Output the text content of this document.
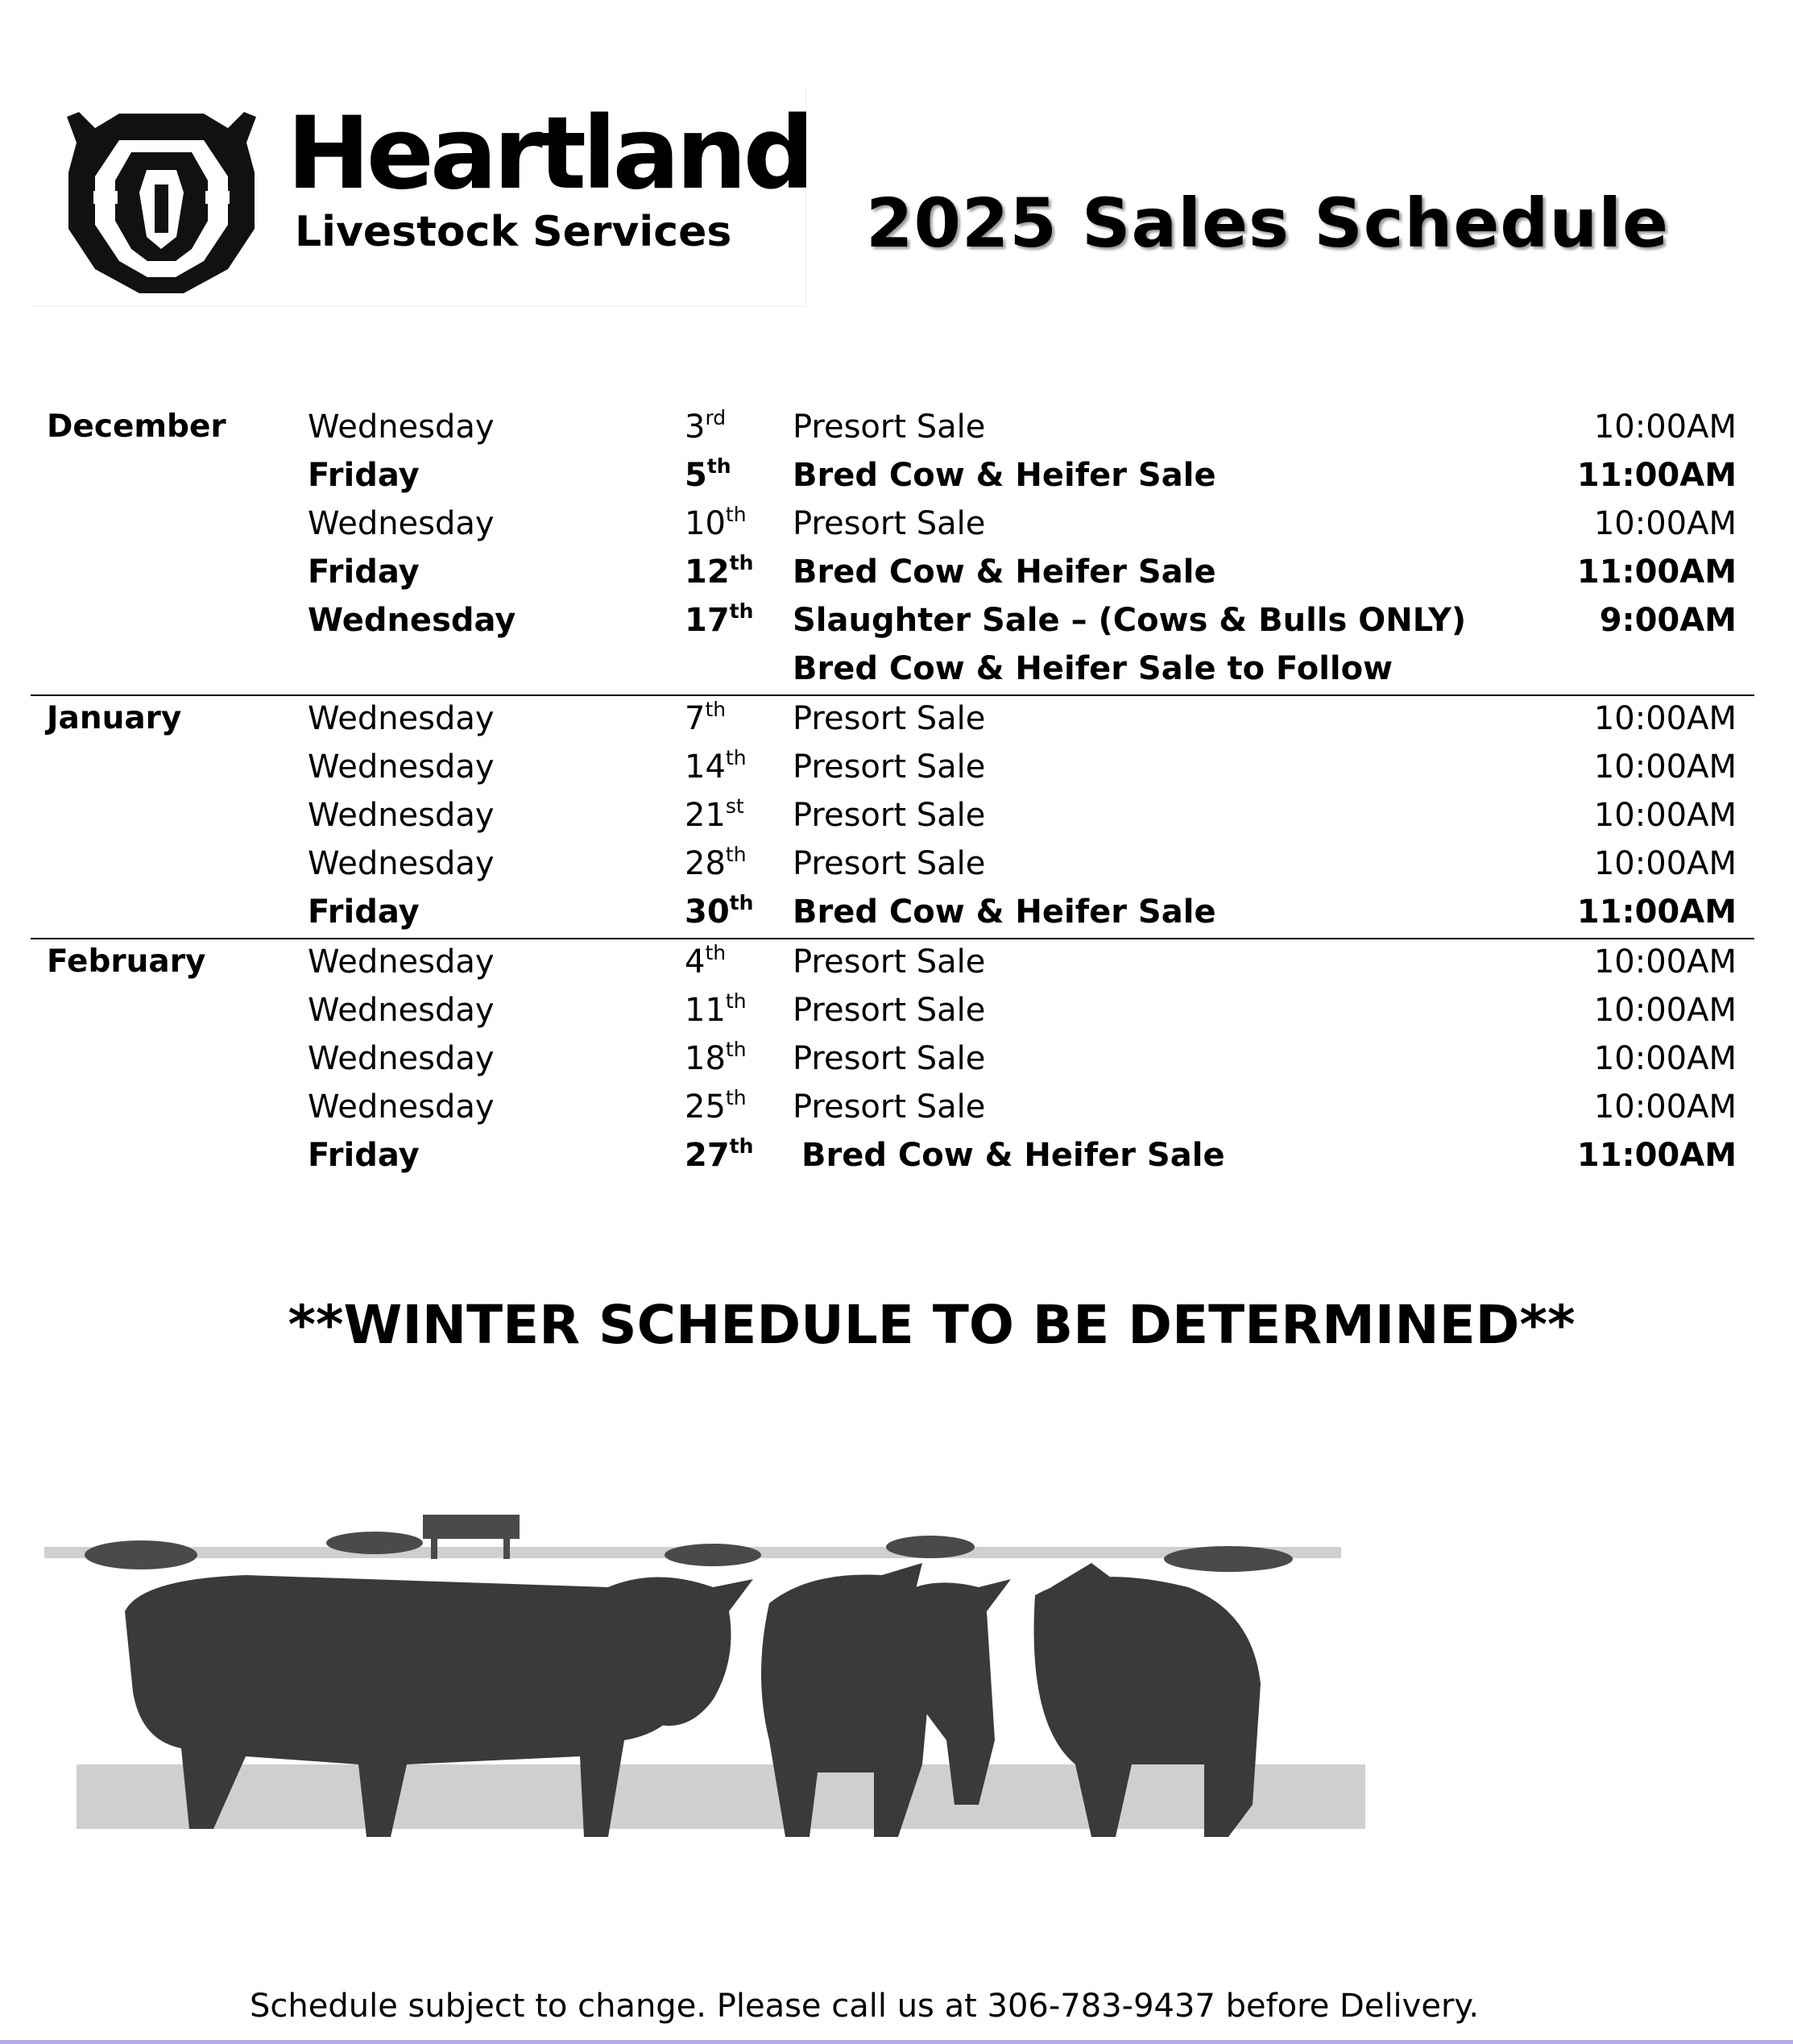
Heartland
Livestock Services 2025 Sales Schedule
December	Wednesday	3rd Presort Sale	10:00AM
Friday	5th Bred Cow & Heifer Sale	11:00AM
Wednesday	10th Presort Sale	10:00AM
Friday	12th Bred Cow & Heifer Sale	11:00AM
Wednesday	17th Slaughter Sale – (Cows & Bulls ONLY)	9:00AM
Bred Cow & Heifer Sale to Follow
January	Wednesday	7th Presort Sale	10:00AM
Wednesday	14th Presort Sale	10:00AM
Wednesday	21st Presort Sale	10:00AM
Wednesday	28th Presort Sale	10:00AM
Friday	30th Bred Cow & Heifer Sale	11:00AM
February	Wednesday	4th Presort Sale	10:00AM
Wednesday	11th Presort Sale	10:00AM
Wednesday	18th Presort Sale	10:00AM
Wednesday	25th Presort Sale	10:00AM
Friday	27th Bred Cow & Heifer Sale	11:00AM
**WINTER SCHEDULE TO BE DETERMINED**
Schedule subject to change. Please call us at 306-783-9437 before Delivery.
